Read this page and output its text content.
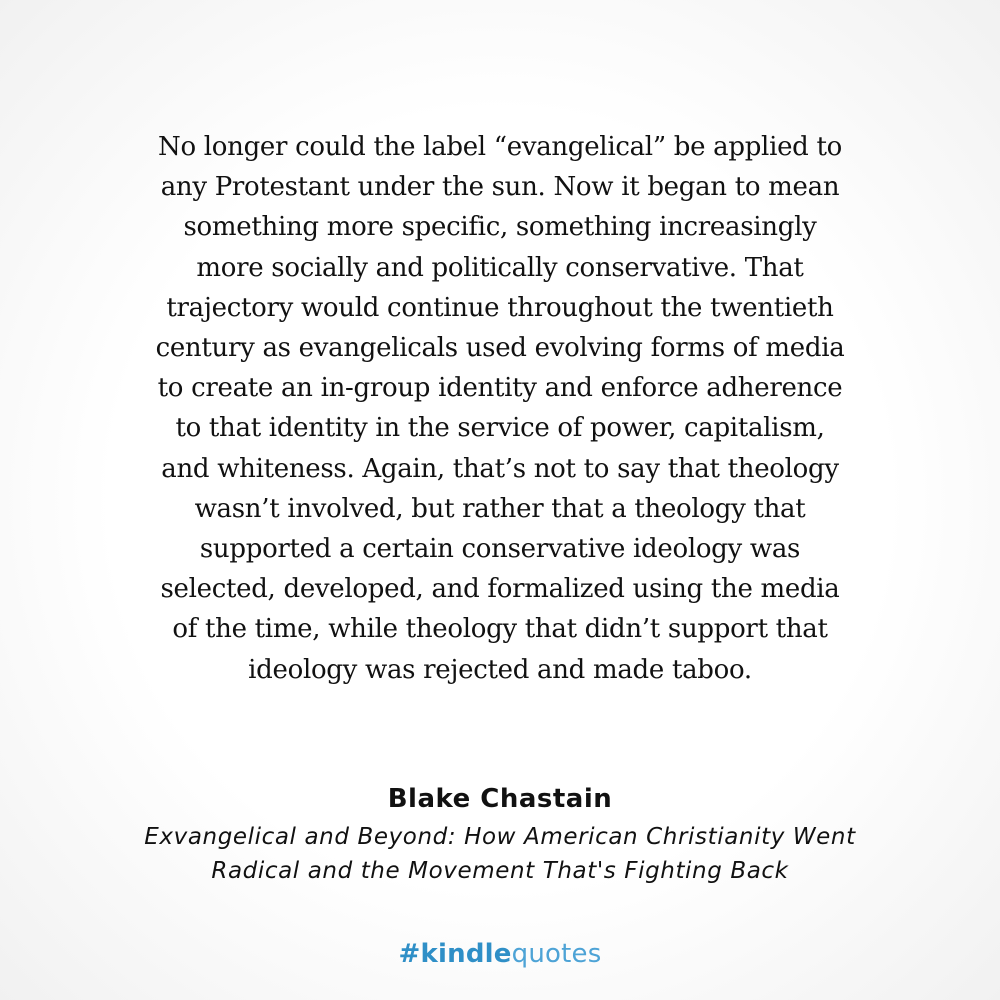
No longer could the label “evangelical” be applied to
any Protestant under the sun. Now it began to mean
something more specific, something increasingly
more socially and politically conservative. That
trajectory would continue throughout the twentieth
century as evangelicals used evolving forms of media
to create an in-group identity and enforce adherence
to that identity in the service of power, capitalism,
and whiteness. Again, that’s not to say that theology
wasn’t involved, but rather that a theology that
supported a certain conservative ideology was
selected, developed, and formalized using the media
of the time, while theology that didn’t support that
ideology was rejected and made taboo.

Blake Chastain
Exvangelical and Beyond: How American Christianity Went
Radical and the Movement That's Fighting Back
#kindlequotes
